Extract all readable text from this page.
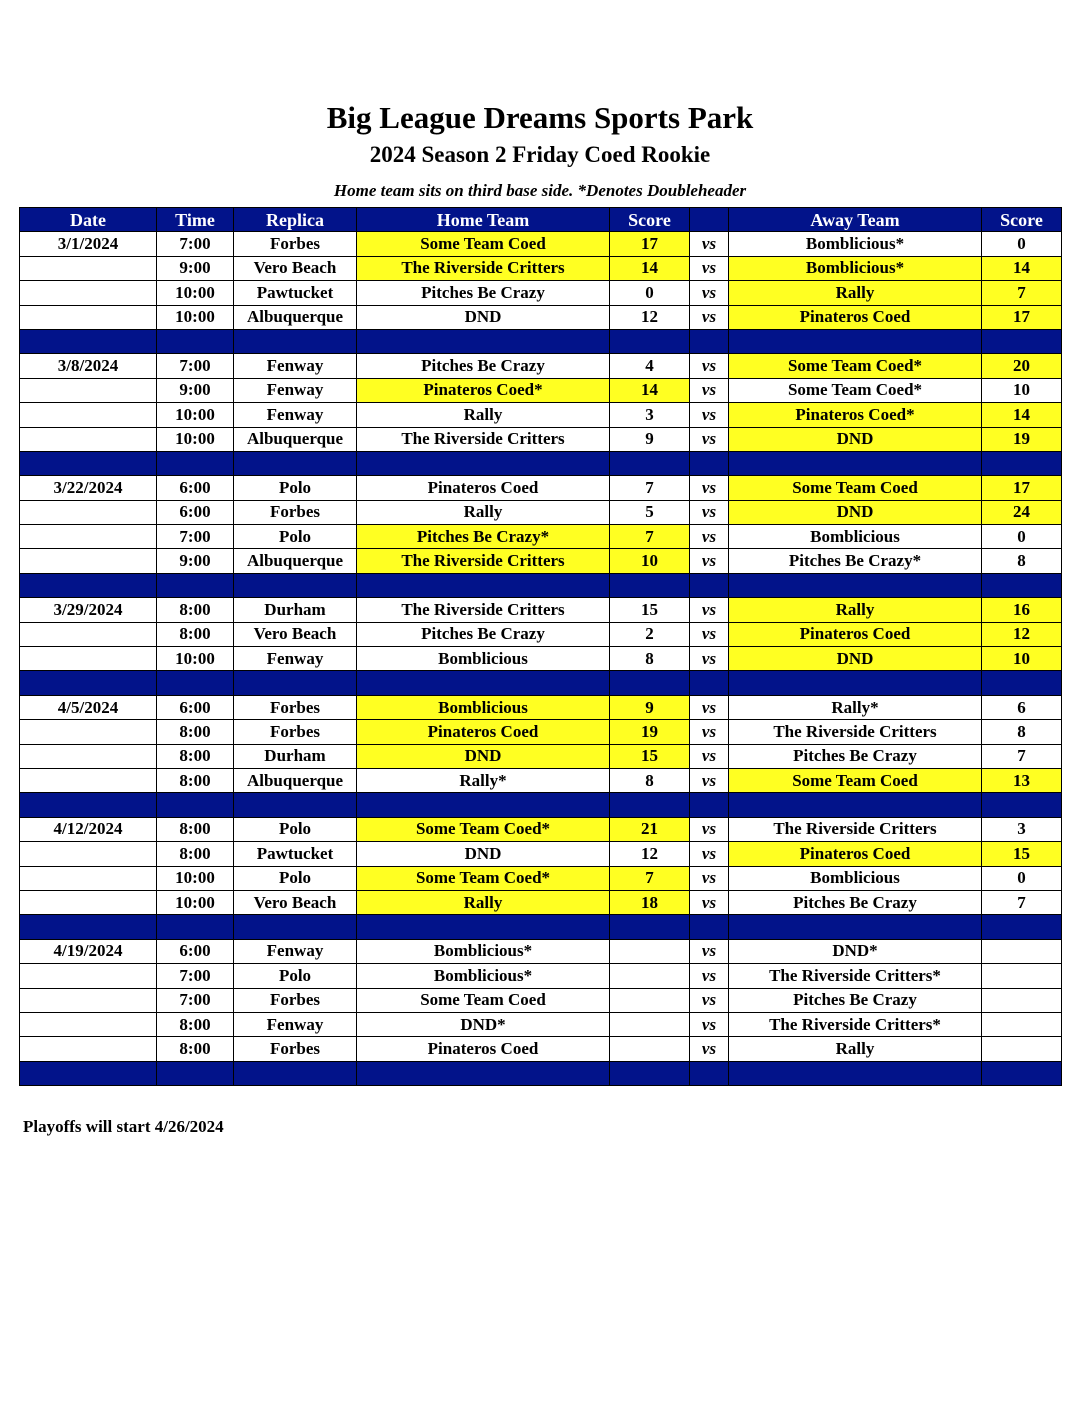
Big League Dreams Sports Park
2024 Season 2 Friday Coed Rookie
Home team sits on third base side. *Denotes Doubleheader
Date	Time	Replica	Home Team	Score		Away Team	Score
3/1/2024	7:00	Forbes	Some Team Coed	17	vs	Bomblicious*	0
	9:00	Vero Beach	The Riverside Critters	14	vs	Bomblicious*	14
	10:00	Pawtucket	Pitches Be Crazy	0	vs	Rally	7
	10:00	Albuquerque	DND	12	vs	Pinateros Coed	17

3/8/2024	7:00	Fenway	Pitches Be Crazy	4	vs	Some Team Coed*	20
	9:00	Fenway	Pinateros Coed*	14	vs	Some Team Coed*	10
	10:00	Fenway	Rally	3	vs	Pinateros Coed*	14
	10:00	Albuquerque	The Riverside Critters	9	vs	DND	19

3/22/2024	6:00	Polo	Pinateros Coed	7	vs	Some Team Coed	17
	6:00	Forbes	Rally	5	vs	DND	24
	7:00	Polo	Pitches Be Crazy*	7	vs	Bomblicious	0
	9:00	Albuquerque	The Riverside Critters	10	vs	Pitches Be Crazy*	8

3/29/2024	8:00	Durham	The Riverside Critters	15	vs	Rally	16
	8:00	Vero Beach	Pitches Be Crazy	2	vs	Pinateros Coed	12
	10:00	Fenway	Bomblicious	8	vs	DND	10

4/5/2024	6:00	Forbes	Bomblicious	9	vs	Rally*	6
	8:00	Forbes	Pinateros Coed	19	vs	The Riverside Critters	8
	8:00	Durham	DND	15	vs	Pitches Be Crazy	7
	8:00	Albuquerque	Rally*	8	vs	Some Team Coed	13

4/12/2024	8:00	Polo	Some Team Coed*	21	vs	The Riverside Critters	3
	8:00	Pawtucket	DND	12	vs	Pinateros Coed	15
	10:00	Polo	Some Team Coed*	7	vs	Bomblicious	0
	10:00	Vero Beach	Rally	18	vs	Pitches Be Crazy	7

4/19/2024	6:00	Fenway	Bomblicious*		vs	DND*	
	7:00	Polo	Bomblicious*		vs	The Riverside Critters*	
	7:00	Forbes	Some Team Coed		vs	Pitches Be Crazy	
	8:00	Fenway	DND*		vs	The Riverside Critters*	
	8:00	Forbes	Pinateros Coed		vs	Rally	

Playoffs will start 4/26/2024
